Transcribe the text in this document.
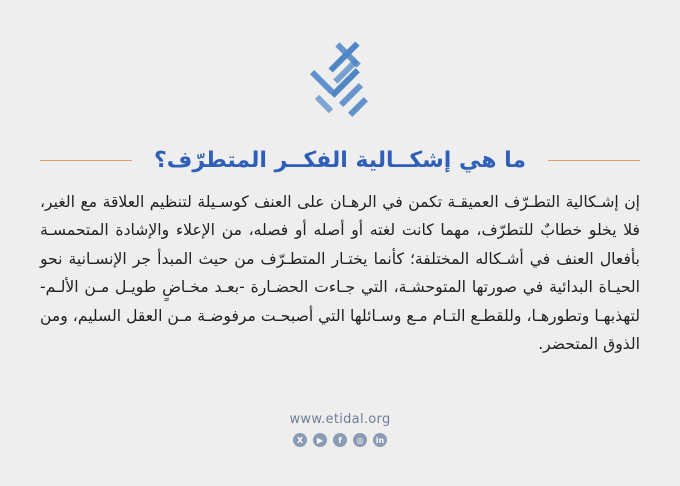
ما هي إشكــالية الفكــر المتطرّف؟

إن إشـكالية التطـرّف العميقـة تكمن في الرهـان على العنف كوسـيلة لتنظيم العلاقة مع الغير، فلا يخلو خطابٌ للتطرّف، مهما كانت لغته أو أصله أو فصله، من الإعلاء والإشادة المتحمسـة بأفعال العنف في أشـكاله المختلفة؛ كأنما يختـار المتطـرّف من حيث المبدأ جر الإنسـانية نحو الحيـاة البدائية في صورتها المتوحشـة، التي جـاءت الحضـارة -بعـد مخـاضٍ طويـل مـن الألـم- لتهذبهـا وتطورهـا، وللقطـع التـام مـع وسـائلها التي أصبحـت مرفوضـة مـن العقل السليم، ومن الذوق المتحضر.

www.etidal.org
X	▶	f	◎	in
